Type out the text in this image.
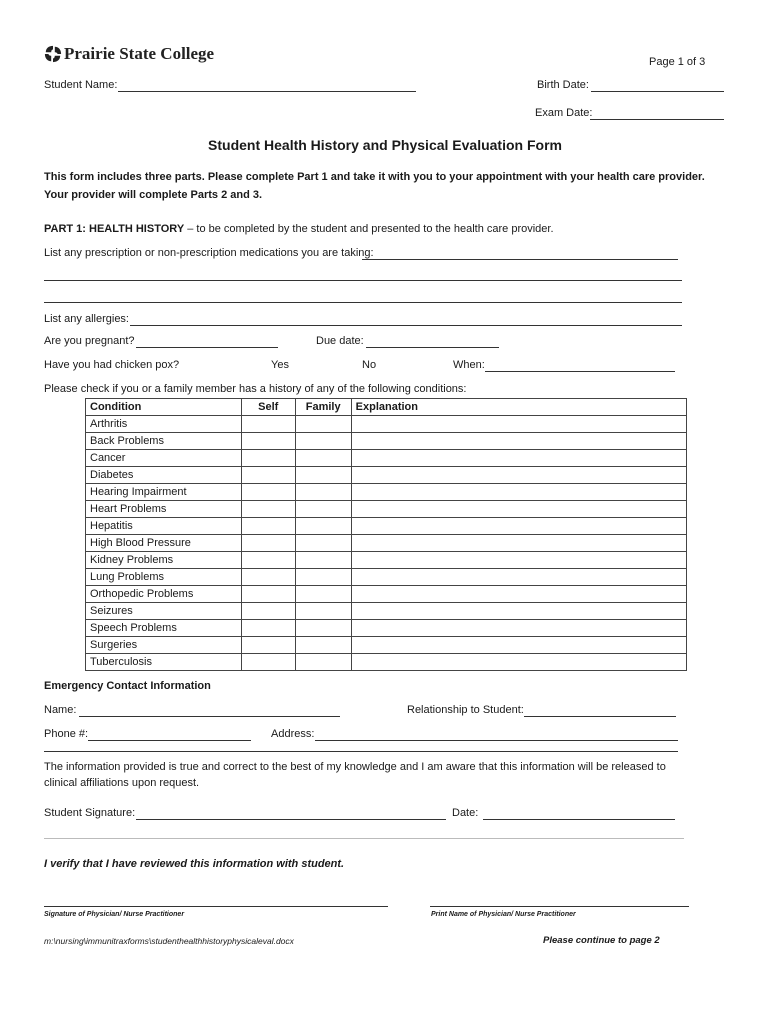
Prairie State College	Page 1 of 3
Student Name:	Birth Date:
Exam Date:
Student Health History and Physical Evaluation Form
This form includes three parts. Please complete Part 1 and take it with you to your appointment with your health care provider.
Your provider will complete Parts 2 and 3.
PART 1: HEALTH HISTORY – to be completed by the student and presented to the health care provider.
List any prescription or non-prescription medications you are taking:
List any allergies:
Are you pregnant?	Due date:
Have you had chicken pox?	Yes	No	When:
Please check if you or a family member has a history of any of the following conditions:
Condition	Self	Family	Explanation
Arthritis			
Back Problems			
Cancer			
Diabetes			
Hearing Impairment			
Heart Problems			
Hepatitis			
High Blood Pressure			
Kidney Problems			
Lung Problems			
Orthopedic Problems			
Seizures			
Speech Problems			
Surgeries			
Tuberculosis			
Emergency Contact Information
Name:	Relationship to Student:
Phone #:	Address:
The information provided is true and correct to the best of my knowledge and I am aware that this information will be released to
clinical affiliations upon request.
Student Signature:	Date:
I verify that I have reviewed this information with student.
Signature of Physician/ Nurse Practitioner	Print Name of Physician/ Nurse Practitioner
m:\nursing\immunitraxforms\studenthealthhistoryphysicaleval.docx	Please continue to page 2
